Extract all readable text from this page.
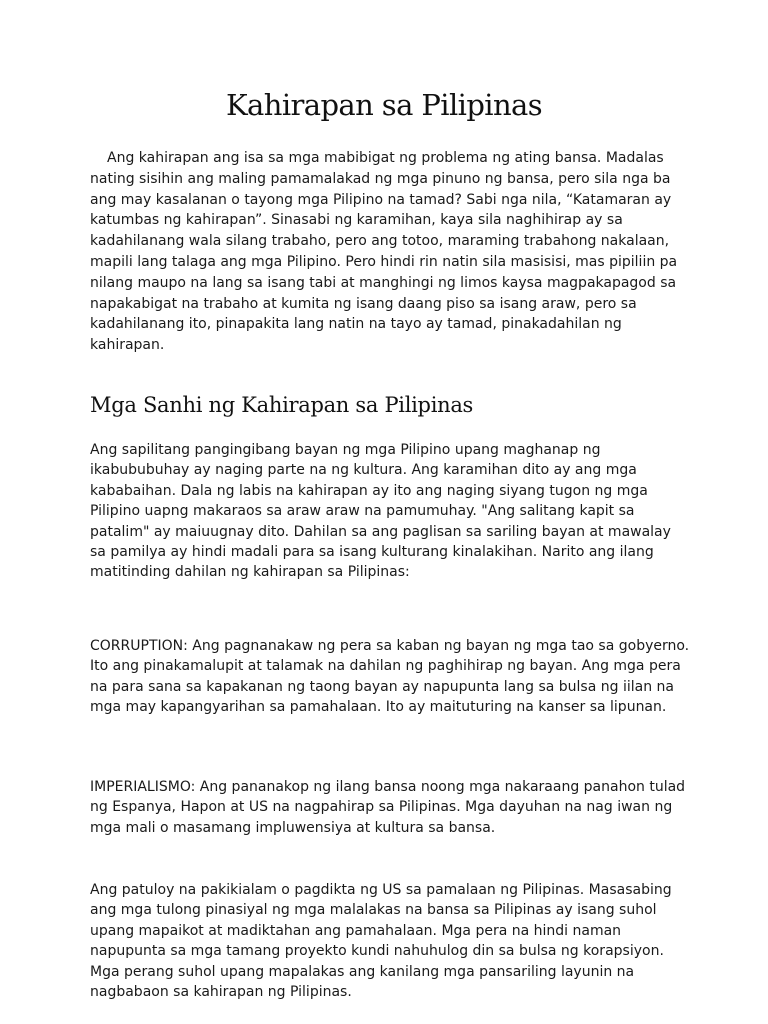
Kahirapan sa Pilipinas

Ang kahirapan ang isa sa mga mabibigat ng problema ng ating bansa. Madalas nating sisihin ang maling pamamalakad ng mga pinuno ng bansa, pero sila nga ba ang may kasalanan o tayong mga Pilipino na tamad? Sabi nga nila, “Katamaran ay katumbas ng kahirapan”. Sinasabi ng karamihan, kaya sila naghihirap ay sa kadahilanang wala silang trabaho, pero ang totoo, maraming trabahong nakalaan, mapili lang talaga ang mga Pilipino. Pero hindi rin natin sila masisisi, mas pipiliin pa nilang maupo na lang sa isang tabi at manghingi ng limos kaysa magpakapagod sa napakabigat na trabaho at kumita ng isang daang piso sa isang araw, pero sa kadahilanang ito, pinapakita lang natin na tayo ay tamad, pinakadahilan ng kahirapan.

Mga Sanhi ng Kahirapan sa Pilipinas

Ang sapilitang pangingibang bayan ng mga Pilipino upang maghanap ng ikabububuhay ay naging parte na ng kultura. Ang karamihan dito ay ang mga kababaihan. Dala ng labis na kahirapan ay ito ang naging siyang tugon ng mga Pilipino uapng makaraos sa araw araw na pamumuhay. "Ang salitang kapit sa patalim" ay maiuugnay dito. Dahilan sa ang paglisan sa sariling bayan at mawalay sa pamilya ay hindi madali para sa isang kulturang kinalakihan. Narito ang ilang matitinding dahilan ng kahirapan sa Pilipinas:

CORRUPTION: Ang pagnanakaw ng pera sa kaban ng bayan ng mga tao sa gobyerno.
Ito ang pinakamalupit at talamak na dahilan ng paghihirap ng bayan. Ang mga pera na para sana sa kapakanan ng taong bayan ay napupunta lang sa bulsa ng iilan na mga may kapangyarihan sa pamahalaan. Ito ay maituturing na kanser sa lipunan.

IMPERIALISMO: Ang pananakop ng ilang bansa noong mga nakaraang panahon tulad ng Espanya, Hapon at US na nagpahirap sa Pilipinas. Mga dayuhan na nag iwan ng mga mali o masamang impluwensiya at kultura sa bansa.

Ang patuloy na pakikialam o pagdikta ng US sa pamalaan ng Pilipinas. Masasabing ang mga tulong pinasiyal ng mga malalakas na bansa sa Pilipinas ay isang suhol upang mapaikot at madiktahan ang pamahalaan. Mga pera na hindi naman napupunta sa mga tamang proyekto kundi nahuhulog din sa bulsa ng korapsiyon. Mga perang suhol upang mapalakas ang kanilang mga pansariling layunin na nagbabaon sa kahirapan ng Pilipinas.
